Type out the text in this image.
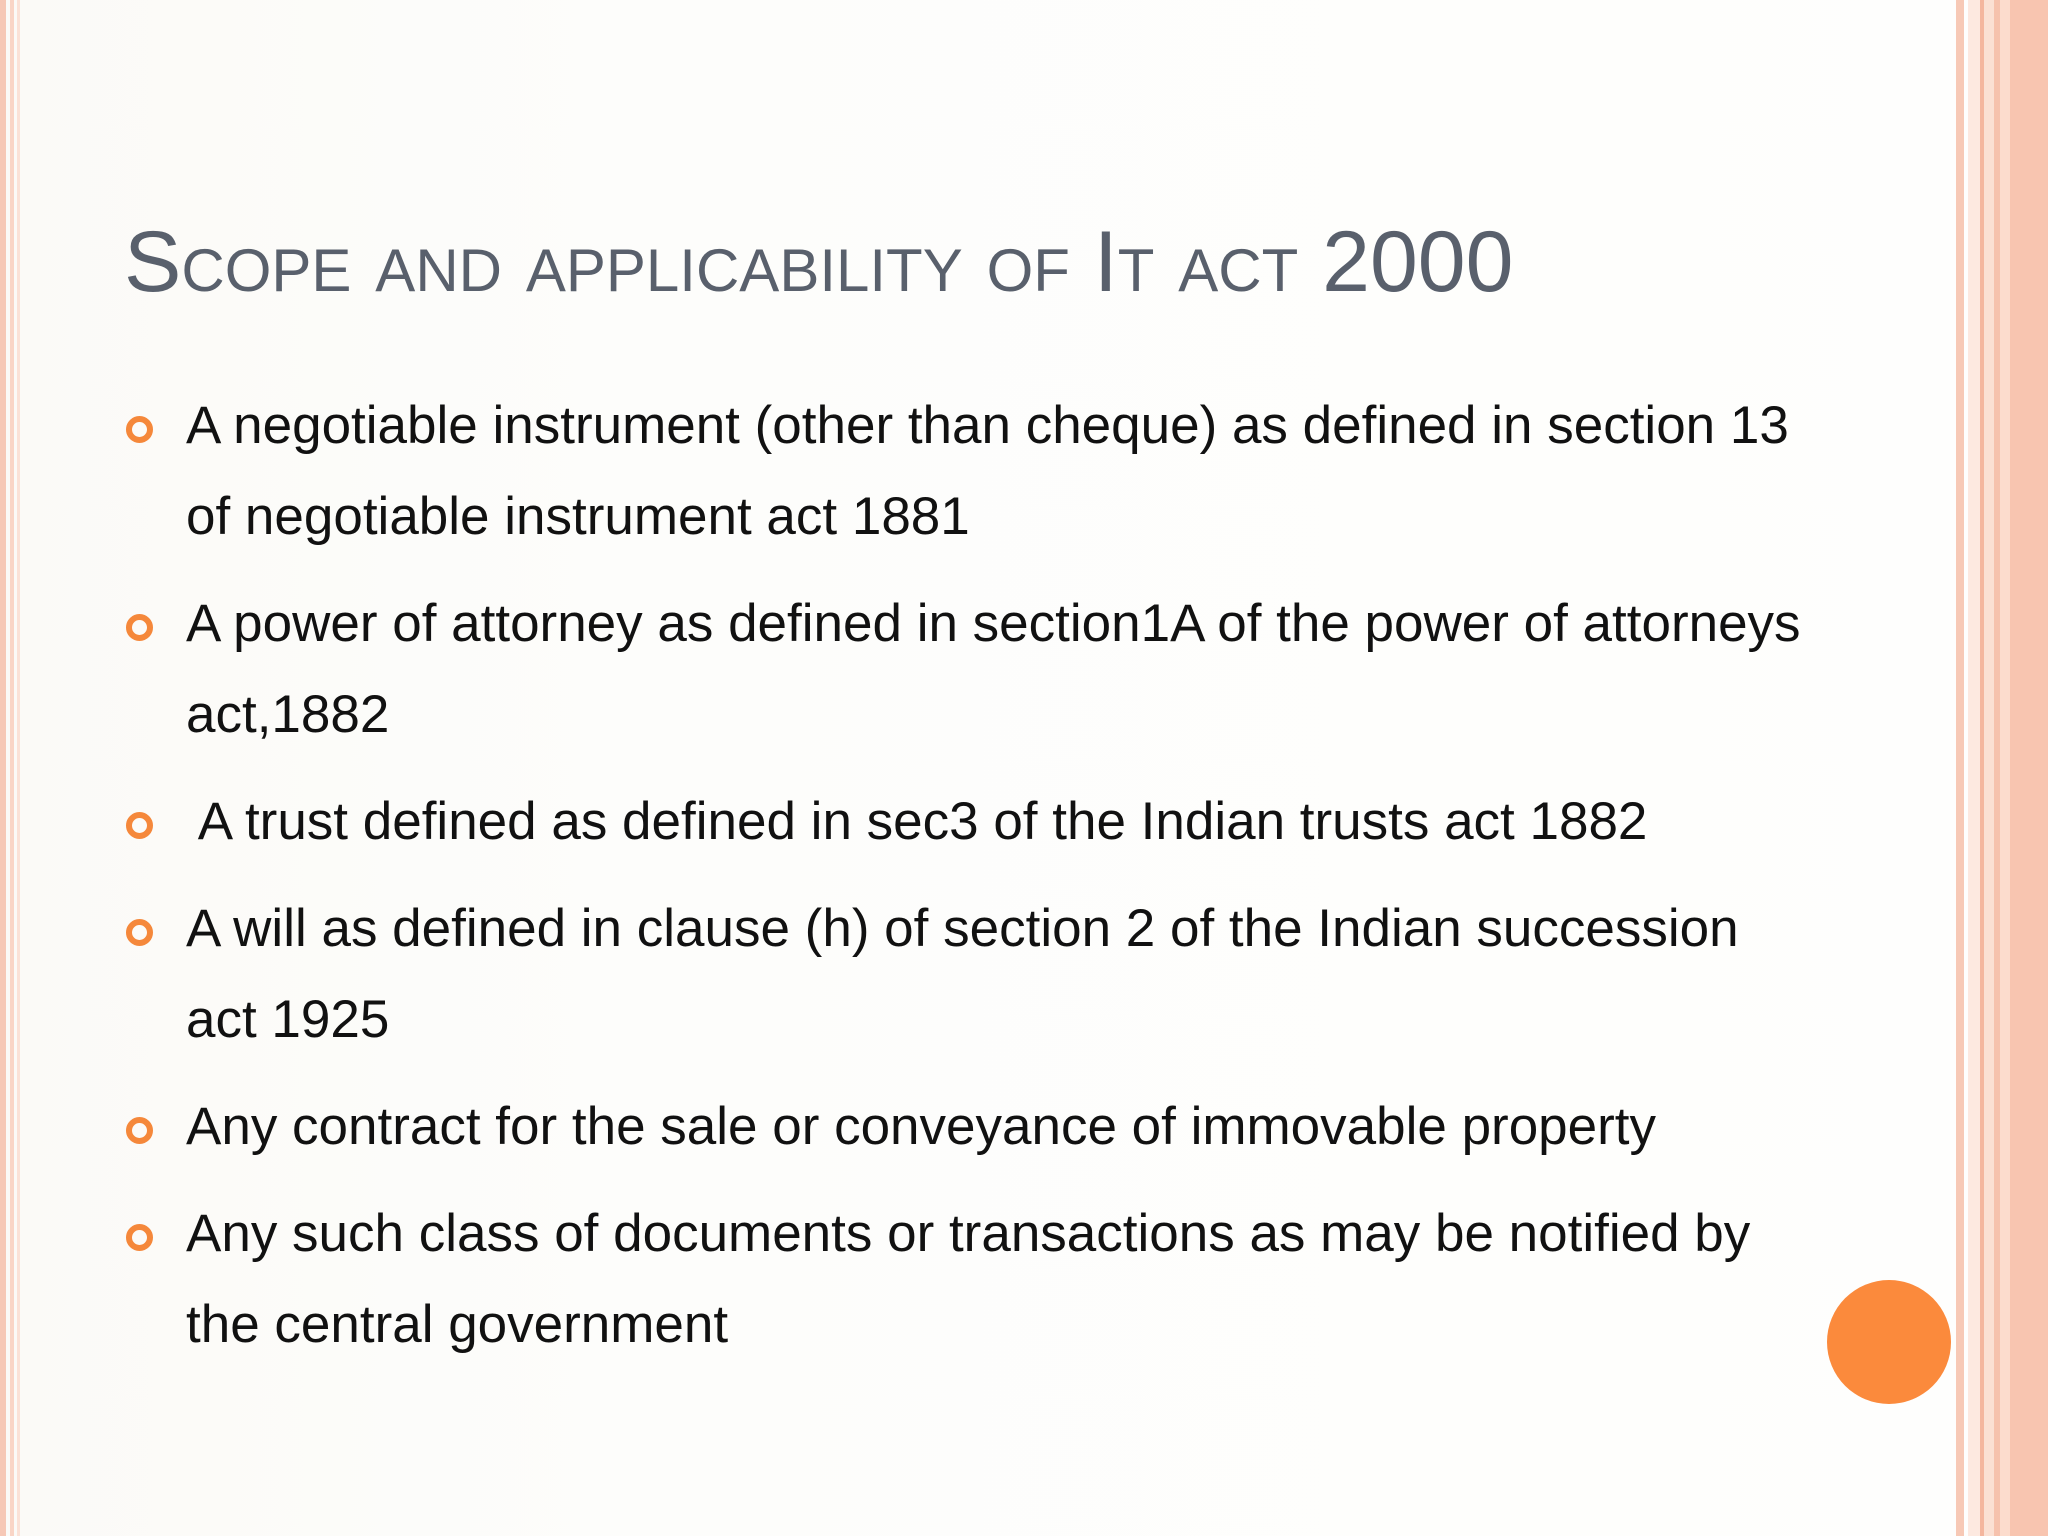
Scope and applicability of It act 2000
A negotiable instrument (other than cheque) as defined in section 13 of negotiable instrument act 1881
A power of attorney as defined in section1A of the power of attorneys act,1882
A trust defined as defined in sec3 of the Indian trusts act 1882
A will as defined in clause (h) of section 2 of the Indian succession act 1925
Any contract for the sale or conveyance of immovable property
Any such class of documents or transactions as may be notified by the central government
